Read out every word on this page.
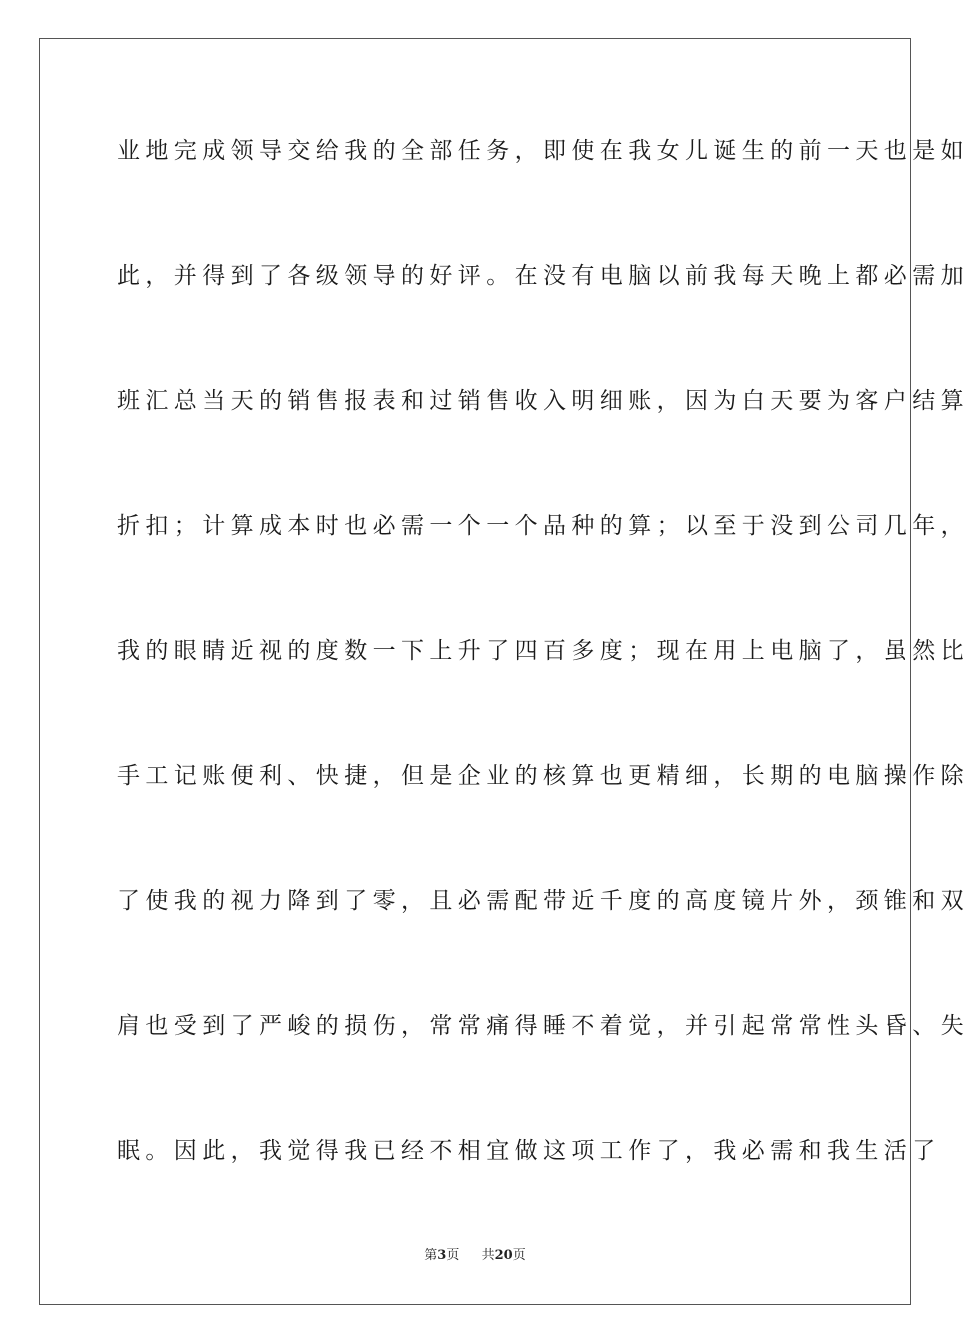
业地完成领导交给我的全部任务，即使在我女儿诞生的前一天也是如
此，并得到了各级领导的好评。在没有电脑以前我每天晚上都必需加
班汇总当天的销售报表和过销售收入明细账，因为白天要为客户结算
折扣；计算成本时也必需一个一个品种的算；以至于没到公司几年，
我的眼睛近视的度数一下上升了四百多度；现在用上电脑了，虽然比
手工记账便利、快捷，但是企业的核算也更精细，长期的电脑操作除
了使我的视力降到了零，且必需配带近千度的高度镜片外，颈锥和双
肩也受到了严峻的损伤，常常痛得睡不着觉，并引起常常性头昏、失
眠。因此，我觉得我已经不相宜做这项工作了，我必需和我生活了
第3页 共20页
